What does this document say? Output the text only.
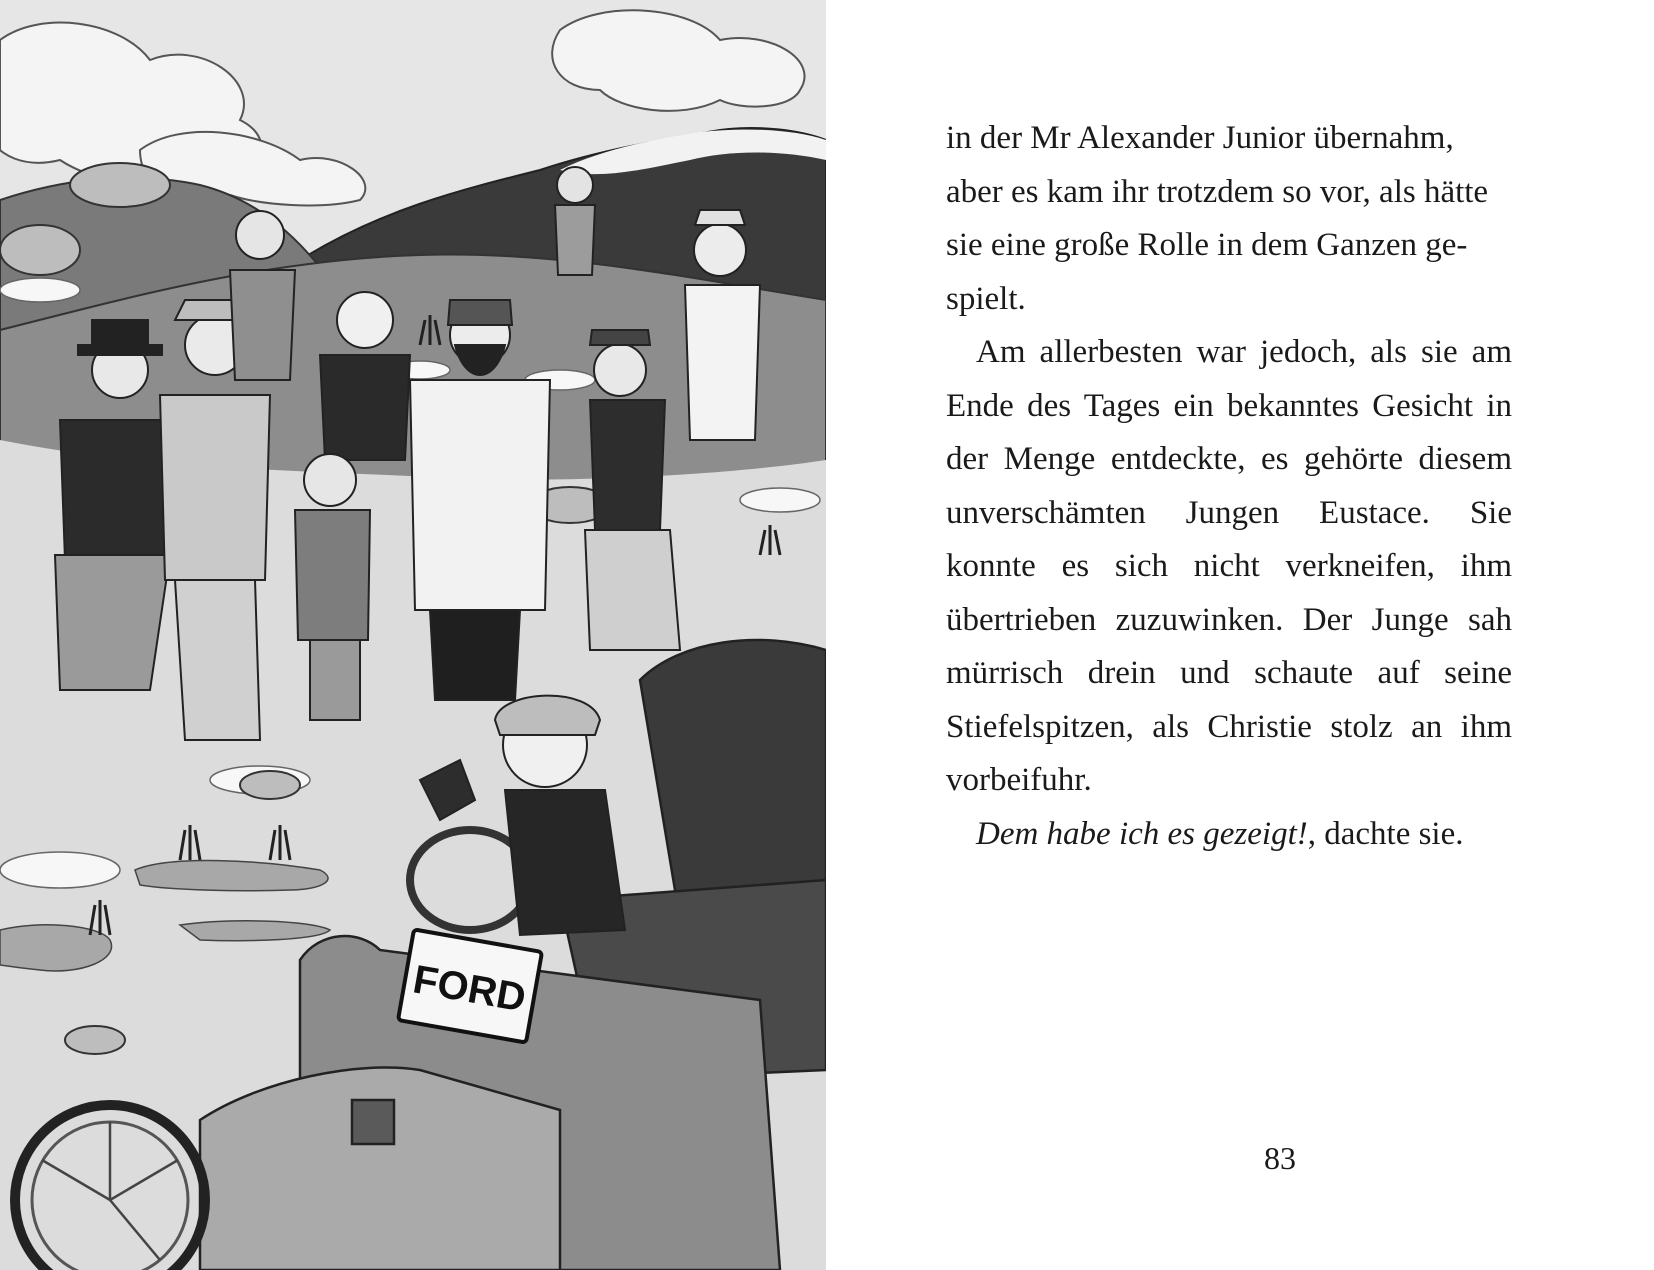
FORD

in der Mr Alexander Junior übernahm,
aber es kam ihr trotzdem so vor, als hätte
sie eine große Rolle in dem Ganzen ge-
spielt.

Am allerbesten war jedoch, als sie am Ende des Tages ein bekanntes Gesicht in der Menge entdeckte, es gehörte diesem unverschämten Jungen Eustace. Sie konnte es sich nicht verkneifen, ihm übertrieben zuzuwinken. Der Junge sah mürrisch drein und schaute auf seine Stiefelspitzen, als Christie stolz an ihm vorbeifuhr.

Dem habe ich es gezeigt!, dachte sie.

83
